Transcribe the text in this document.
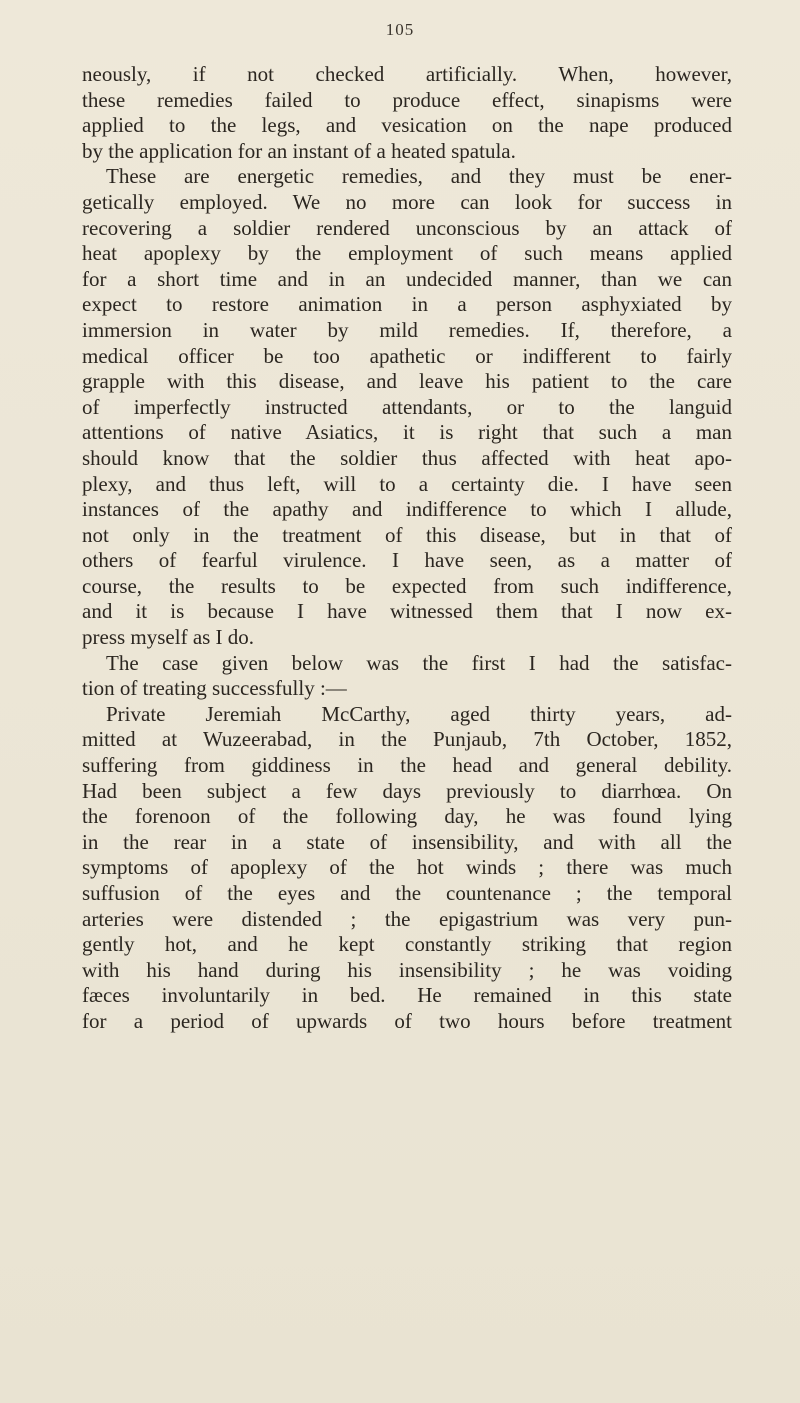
105
neously, if not checked artificially. When, however,
these remedies failed to produce effect, sinapisms were
applied to the legs, and vesication on the nape produced
by the application for an instant of a heated spatula.
These are energetic remedies, and they must be ener-
getically employed. We no more can look for success in
recovering a soldier rendered unconscious by an attack of
heat apoplexy by the employment of such means applied
for a short time and in an undecided manner, than we can
expect to restore animation in a person asphyxiated by
immersion in water by mild remedies. If, therefore, a
medical officer be too apathetic or indifferent to fairly
grapple with this disease, and leave his patient to the care
of imperfectly instructed attendants, or to the languid
attentions of native Asiatics, it is right that such a man
should know that the soldier thus affected with heat apo-
plexy, and thus left, will to a certainty die. I have seen
instances of the apathy and indifference to which I allude,
not only in the treatment of this disease, but in that of
others of fearful virulence. I have seen, as a matter of
course, the results to be expected from such indifference,
and it is because I have witnessed them that I now ex-
press myself as I do.
The case given below was the first I had the satisfac-
tion of treating successfully :—
Private Jeremiah McCarthy, aged thirty years, ad-
mitted at Wuzeerabad, in the Punjaub, 7th October, 1852,
suffering from giddiness in the head and general debility.
Had been subject a few days previously to diarrhœa. On
the forenoon of the following day, he was found lying
in the rear in a state of insensibility, and with all the
symptoms of apoplexy of the hot winds ; there was much
suffusion of the eyes and the countenance ; the temporal
arteries were distended ; the epigastrium was very pun-
gently hot, and he kept constantly striking that region
with his hand during his insensibility ; he was voiding
fæces involuntarily in bed. He remained in this state
for a period of upwards of two hours before treatment
